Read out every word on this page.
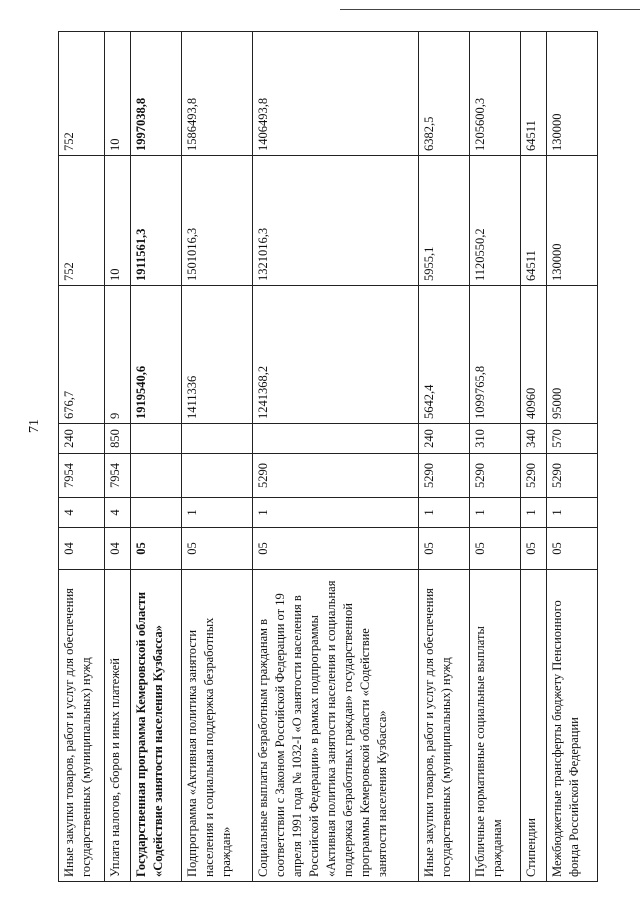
71
Иные закупки товаров, работ и услуг для обеспечения государственных (муниципальных) нужд	04	4	7954	240	676,7	752	752
Уплата налогов, сборов и иных платежей	04	4	7954	850	9	10	10
Государственная программа Кемеровской области «Содействие занятости населения Кузбасса»	05				1919540,6	1911561,3	1997038,8
Подпрограмма «Активная политика занятости населения и социальная поддержка безработных граждан»	05	1			1411336	1501016,3	1586493,8
Социальные выплаты безработным гражданам в соответствии с Законом Российской Федерации от 19 апреля 1991 года № 1032-I «О занятости населения в Российской Федерации» в рамках подпрограммы «Активная политика занятости населения и социальная поддержка безработных граждан» государственной программы Кемеровской области «Содействие занятости населения Кузбасса»	05	1	5290		1241368,2	1321016,3	1406493,8
Иные закупки товаров, работ и услуг для обеспечения государственных (муниципальных) нужд	05	1	5290	240	5642,4	5955,1	6382,5
Публичные нормативные социальные выплаты гражданам	05	1	5290	310	1099765,8	1120550,2	1205600,3
Стипендии	05	1	5290	340	40960	64511	64511
Межбюджетные трансферты бюджету Пенсионного фонда Российской Федерации	05	1	5290	570	95000	130000	130000
